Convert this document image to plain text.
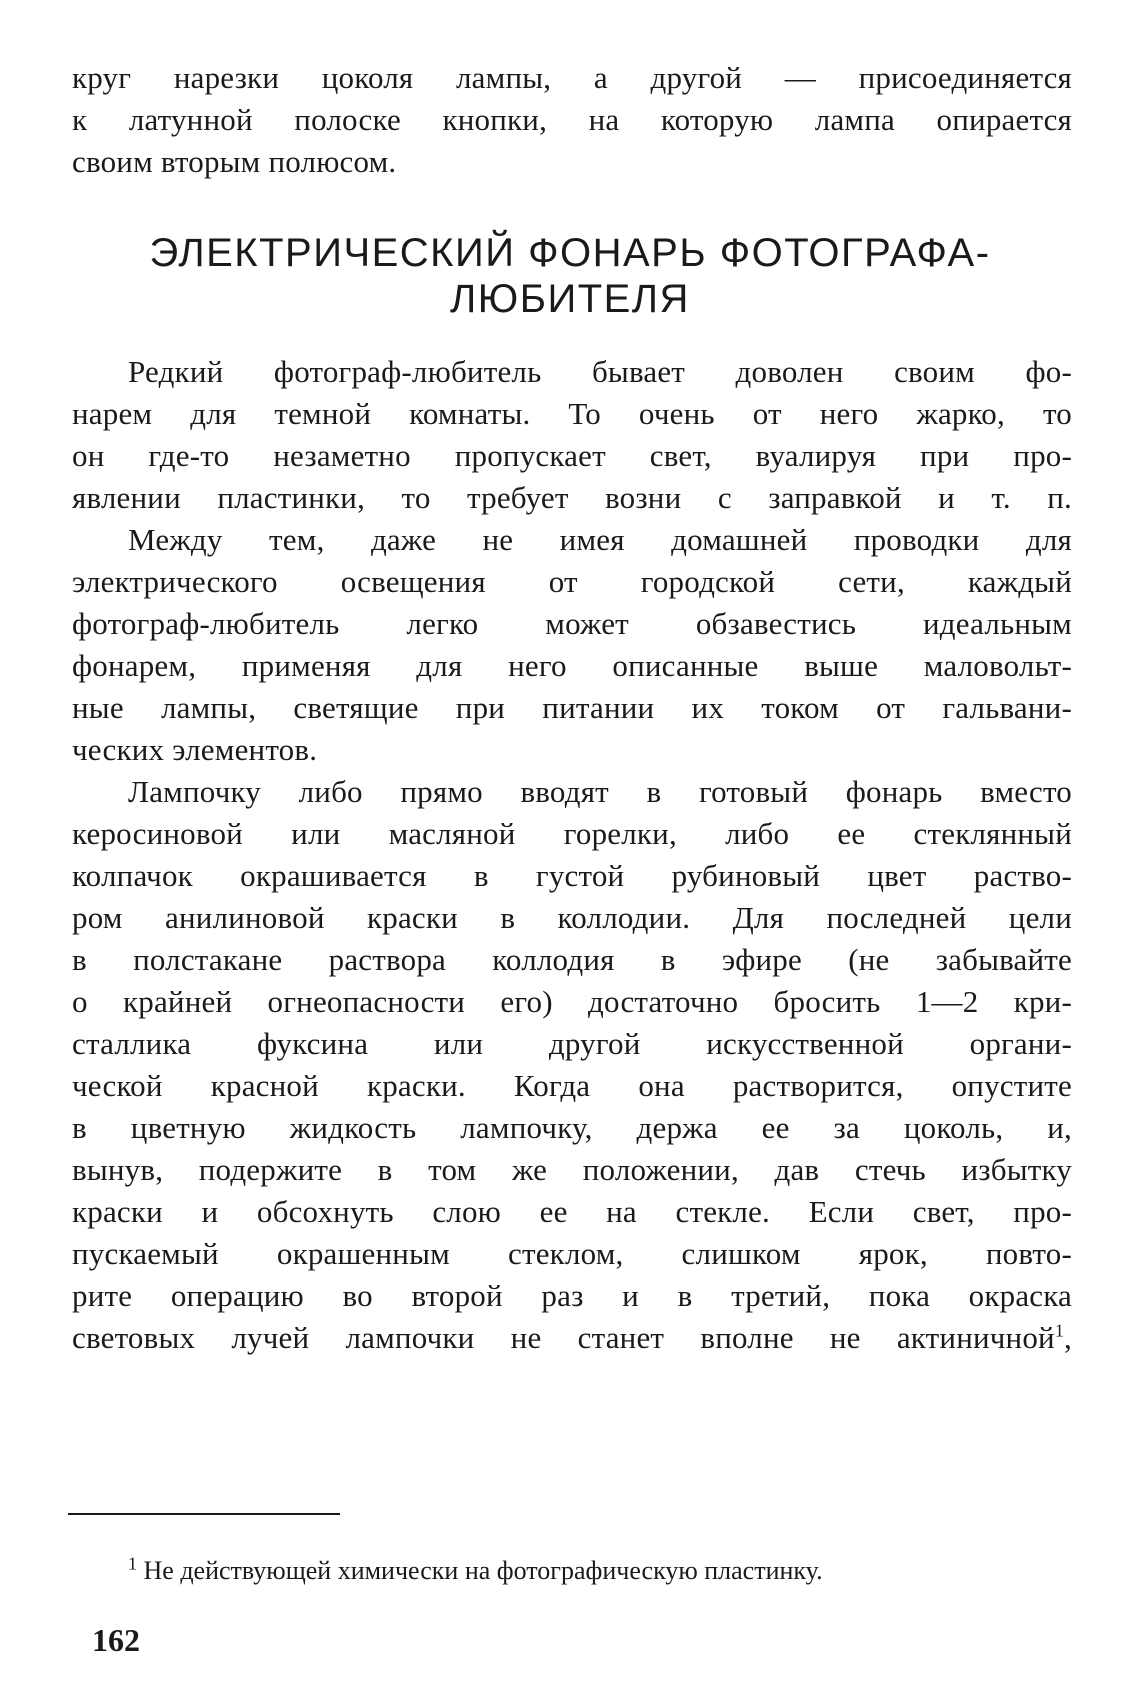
круг нарезки цоколя лампы, а другой — присоединяется
к латунной полоске кнопки, на которую лампа опирается
своим вторым полюсом.
ЭЛЕКТРИЧЕСКИЙ ФОНАРЬ ФОТОГРАФА-
ЛЮБИТЕЛЯ
Редкий фотограф-любитель бывает доволен своим фо-
нарем для темной комнаты. То очень от него жарко, то
он где-то незаметно пропускает свет, вуалируя при про-
явлении пластинки, то требует возни с заправкой и т. п.
Между тем, даже не имея домашней проводки для
электрического освещения от городской сети, каждый
фотограф-любитель легко может обзавестись идеальным
фонарем, применяя для него описанные выше маловольт-
ные лампы, светящие при питании их током от гальвани-
ческих элементов.
Лампочку либо прямо вводят в готовый фонарь вместо
керосиновой или масляной горелки, либо ее стеклянный
колпачок окрашивается в густой рубиновый цвет раство-
ром анилиновой краски в коллодии. Для последней цели
в полстакане раствора коллодия в эфире (не забывайте
о крайней огнеопасности его) достаточно бросить 1—2 кри-
сталлика фуксина или другой искусственной органи-
ческой красной краски. Когда она растворится, опустите
в цветную жидкость лампочку, держа ее за цоколь, и,
вынув, подержите в том же положении, дав стечь избытку
краски и обсохнуть слою ее на стекле. Если свет, про-
пускаемый окрашенным стеклом, слишком ярок, повто-
рите операцию во второй раз и в третий, пока окраска
световых лучей лампочки не станет вполне не актиничной$^1$,
$^1$ Не действующей химически на фотографическую пластинку.
162
